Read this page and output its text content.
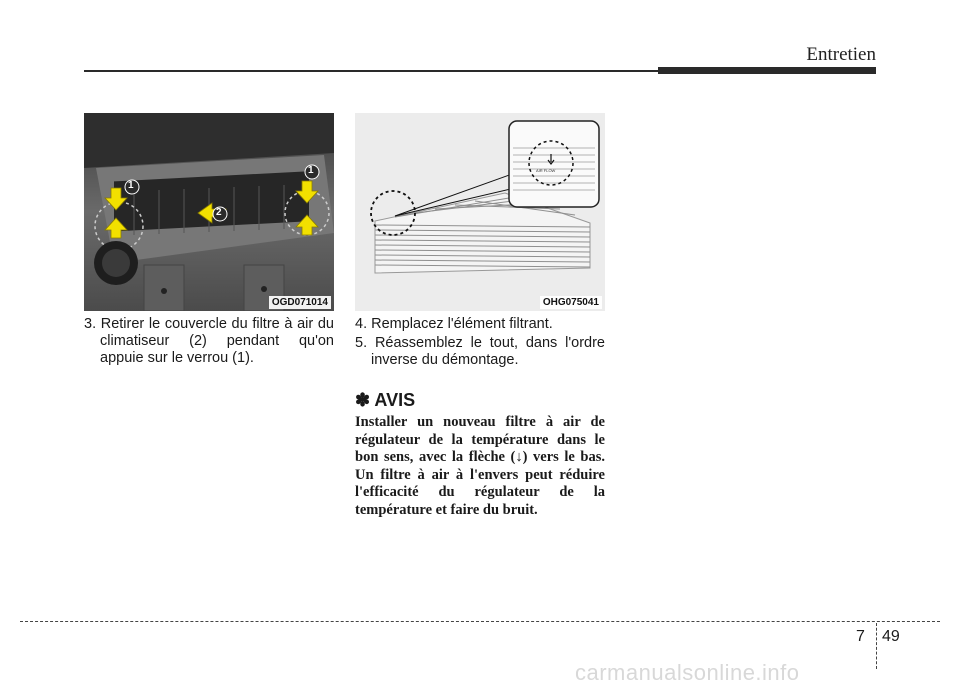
Entretien
1
2
1
OGD071014
AIR FLOW
OHG075041
3. Retirer le couvercle du filtre à air du climatiseur (2) pendant qu'on appuie sur le verrou (1).
4. Remplacez l'élément filtrant.
5. Réassemblez le tout, dans l'ordre inverse du démontage.
✽ AVIS
Installer un nouveau filtre à air de régulateur de la température dans le bon sens, avec la flèche (↓) vers le bas. Un filtre à air à l'envers peut réduire l'efficacité du régulateur de la température et faire du bruit.
7 49
carmanualsonline.info
